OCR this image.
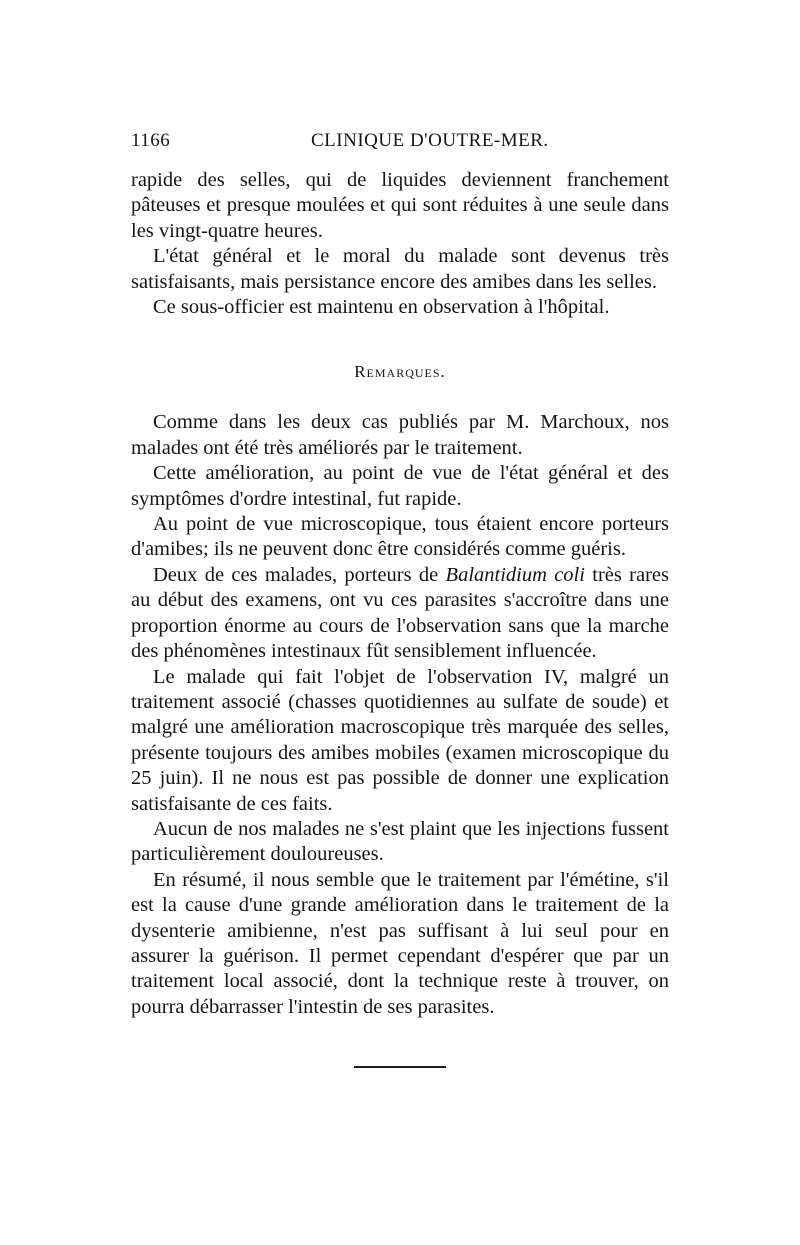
1166	CLINIQUE D'OUTRE-MER.

rapide des selles, qui de liquides deviennent franchement pâteuses et presque moulées et qui sont réduites à une seule dans les vingt-quatre heures.

L'état général et le moral du malade sont devenus très satisfaisants, mais persistance encore des amibes dans les selles.

Ce sous-officier est maintenu en observation à l'hôpital.

Remarques.

Comme dans les deux cas publiés par M. Marchoux, nos malades ont été très améliorés par le traitement.

Cette amélioration, au point de vue de l'état général et des symptômes d'ordre intestinal, fut rapide.

Au point de vue microscopique, tous étaient encore porteurs d'amibes; ils ne peuvent donc être considérés comme guéris.

Deux de ces malades, porteurs de Balantidium coli très rares au début des examens, ont vu ces parasites s'accroître dans une proportion énorme au cours de l'observation sans que la marche des phénomènes intestinaux fût sensiblement influencée.

Le malade qui fait l'objet de l'observation IV, malgré un traitement associé (chasses quotidiennes au sulfate de soude) et malgré une amélioration macroscopique très marquée des selles, présente toujours des amibes mobiles (examen microscopique du 25 juin). Il ne nous est pas possible de donner une explication satisfaisante de ces faits.

Aucun de nos malades ne s'est plaint que les injections fussent particulièrement douloureuses.

En résumé, il nous semble que le traitement par l'émétine, s'il est la cause d'une grande amélioration dans le traitement de la dysenterie amibienne, n'est pas suffisant à lui seul pour en assurer la guérison. Il permet cependant d'espérer que par un traitement local associé, dont la technique reste à trouver, on pourra débarrasser l'intestin de ses parasites.
